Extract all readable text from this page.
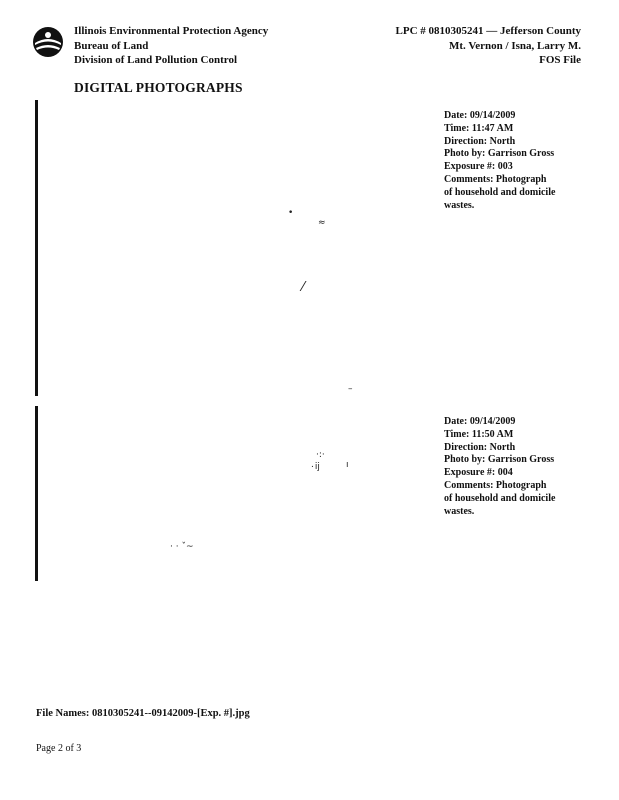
Illinois Environmental Protection Agency
Bureau of Land
Division of Land Pollution Control
LPC # 0810305241 — Jefferson County
Mt. Vernon / Isna, Larry M.
FOS File
DIGITAL PHOTOGRAPHS
•
≈
⁄
–
Date: 09/14/2009
Time: 11:47 AM
Direction: North
Photo by: Garrison Gross
Exposure #: 003
Comments: Photograph
of household and domicile
wastes.
·:·
٠ij	ı
· · ˇ~
Date: 09/14/2009
Time: 11:50 AM
Direction: North
Photo by: Garrison Gross
Exposure #: 004
Comments: Photograph
of household and domicile
wastes.
File Names: 0810305241--09142009-[Exp. #].jpg
Page 2 of 3
